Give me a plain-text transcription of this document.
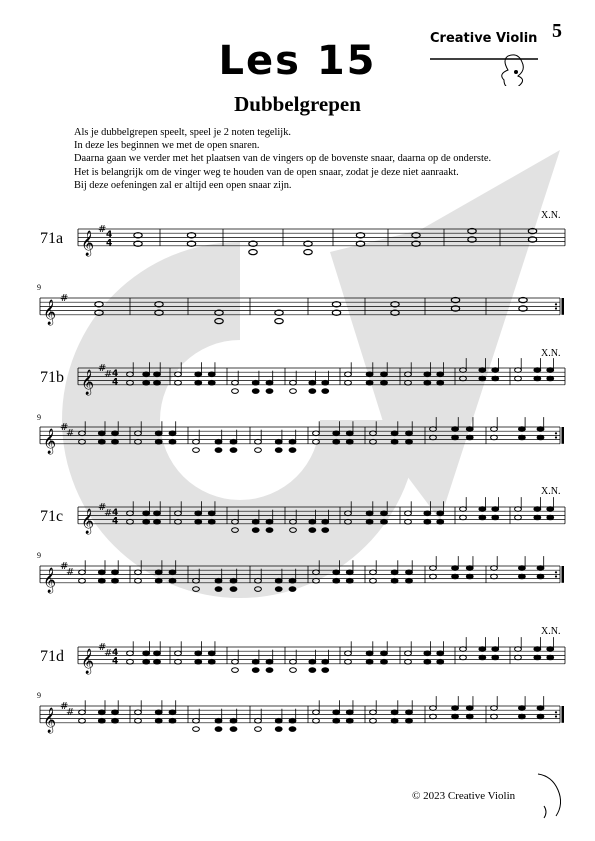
5
Creative Violin
Les 15
Dubbelgrepen
Als je dubbelgrepen speelt, speel je 2 noten tegelijk.
In deze les beginnen we met de open snaren.
Daarna gaan we verder met het plaatsen van de vingers op de bovenste snaar, daarna op de onderste.
Het is belangrijk om de vinger weg te houden van de open snaar, zodat je deze niet aanraakt.
Bij deze oefeningen zal er altijd een open snaar zijn.
71a
X.N.
9
71b
X.N.
9
71c
X.N.
9
71d
X.N.
9
𝄞
# 4
4
𝄞
#
𝄞
#
# 4
4
𝄞
#
#
𝄞
#
# 4
4
𝄞
#
#
𝄞
#
# 4
4
𝄞
#
#
© 2023 Creative Violin
